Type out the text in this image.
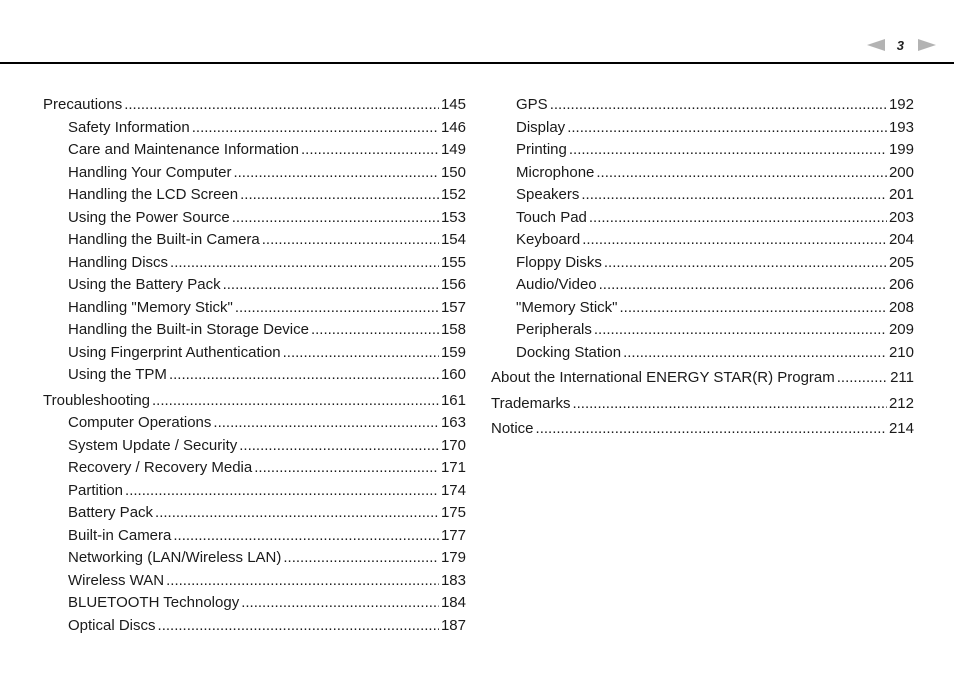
3
Precautions .....	145
Safety Information .....	146
Care and Maintenance Information .....	149
Handling Your Computer .....	150
Handling the LCD Screen .....	152
Using the Power Source .....	153
Handling the Built-in Camera .....	154
Handling Discs .....	155
Using the Battery Pack .....	156
Handling "Memory Stick" .....	157
Handling the Built-in Storage Device .....	158
Using Fingerprint Authentication .....	159
Using the TPM .....	160
Troubleshooting .....	161
Computer Operations .....	163
System Update / Security .....	170
Recovery / Recovery Media .....	171
Partition .....	174
Battery Pack .....	175
Built-in Camera .....	177
Networking (LAN/Wireless LAN) .....	179
Wireless WAN .....	183
BLUETOOTH Technology .....	184
Optical Discs .....	187
GPS .....	192
Display .....	193
Printing .....	199
Microphone .....	200
Speakers .....	201
Touch Pad .....	203
Keyboard .....	204
Floppy Disks .....	205
Audio/Video .....	206
"Memory Stick" .....	208
Peripherals .....	209
Docking Station .....	210
About the International ENERGY STAR(R) Program .....	211
Trademarks .....	212
Notice .....	214
